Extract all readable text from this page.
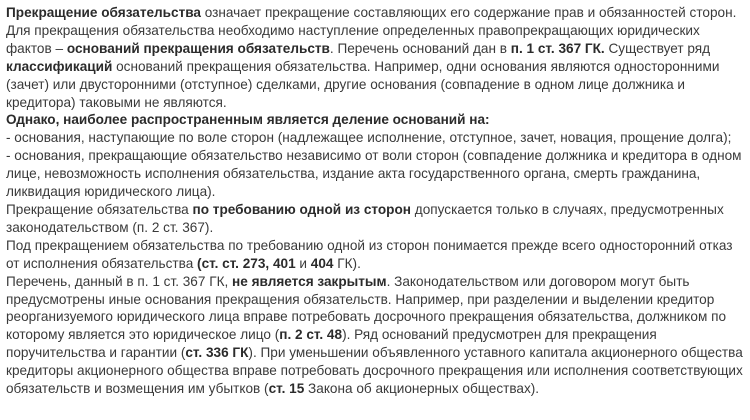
Прекращение обязательства означает прекращение составляющих его содержание прав и обязанностей сторон. Для прекращения обязательства необходимо наступление определенных правопрекращающих юридических фактов – оснований прекращения обязательств. Перечень оснований дан в п. 1 ст. 367 ГК. Существует ряд классификаций оснований прекращения обязательства. Например, одни основания являются односторонними (зачет) или двусторонними (отступное) сделками, другие основания (совпадение в одном лице должника и кредитора) таковыми не являются.

Однако, наиболее распространенным является деление оснований на:

- основания, наступающие по воле сторон (надлежащее исполнение, отступное, зачет, новация, прощение долга);

- основания, прекращающие обязательство независимо от воли сторон (совпадение должника и кредитора в одном лице, невозможность исполнения обязательства, издание акта государственного органа, смерть гражданина, ликвидация юридического лица).

Прекращение обязательства по требованию одной из сторон допускается только в случаях, предусмотренных законодательством (п. 2 ст. 367).

Под прекращением обязательства по требованию одной из сторон понимается прежде всего односторонний отказ от исполнения обязательства (ст. ст. 273, 401 и 404 ГК).

Перечень, данный в п. 1 ст. 367 ГК, не является закрытым. Законодательством или договором могут быть предусмотрены иные основания прекращения обязательств. Например, при разделении и выделении кредитор реорганизуемого юридического лица вправе потребовать досрочного прекращения обязательства, должником по которому является это юридическое лицо (п. 2 ст. 48). Ряд оснований предусмотрен для прекращения поручительства и гарантии (ст. 336 ГК). При уменьшении объявленного уставного капитала акционерного общества кредиторы акционерного общества вправе потребовать досрочного прекращения или исполнения соответствующих обязательств и возмещения им убытков (ст. 15 Закона об акционерных обществах).
